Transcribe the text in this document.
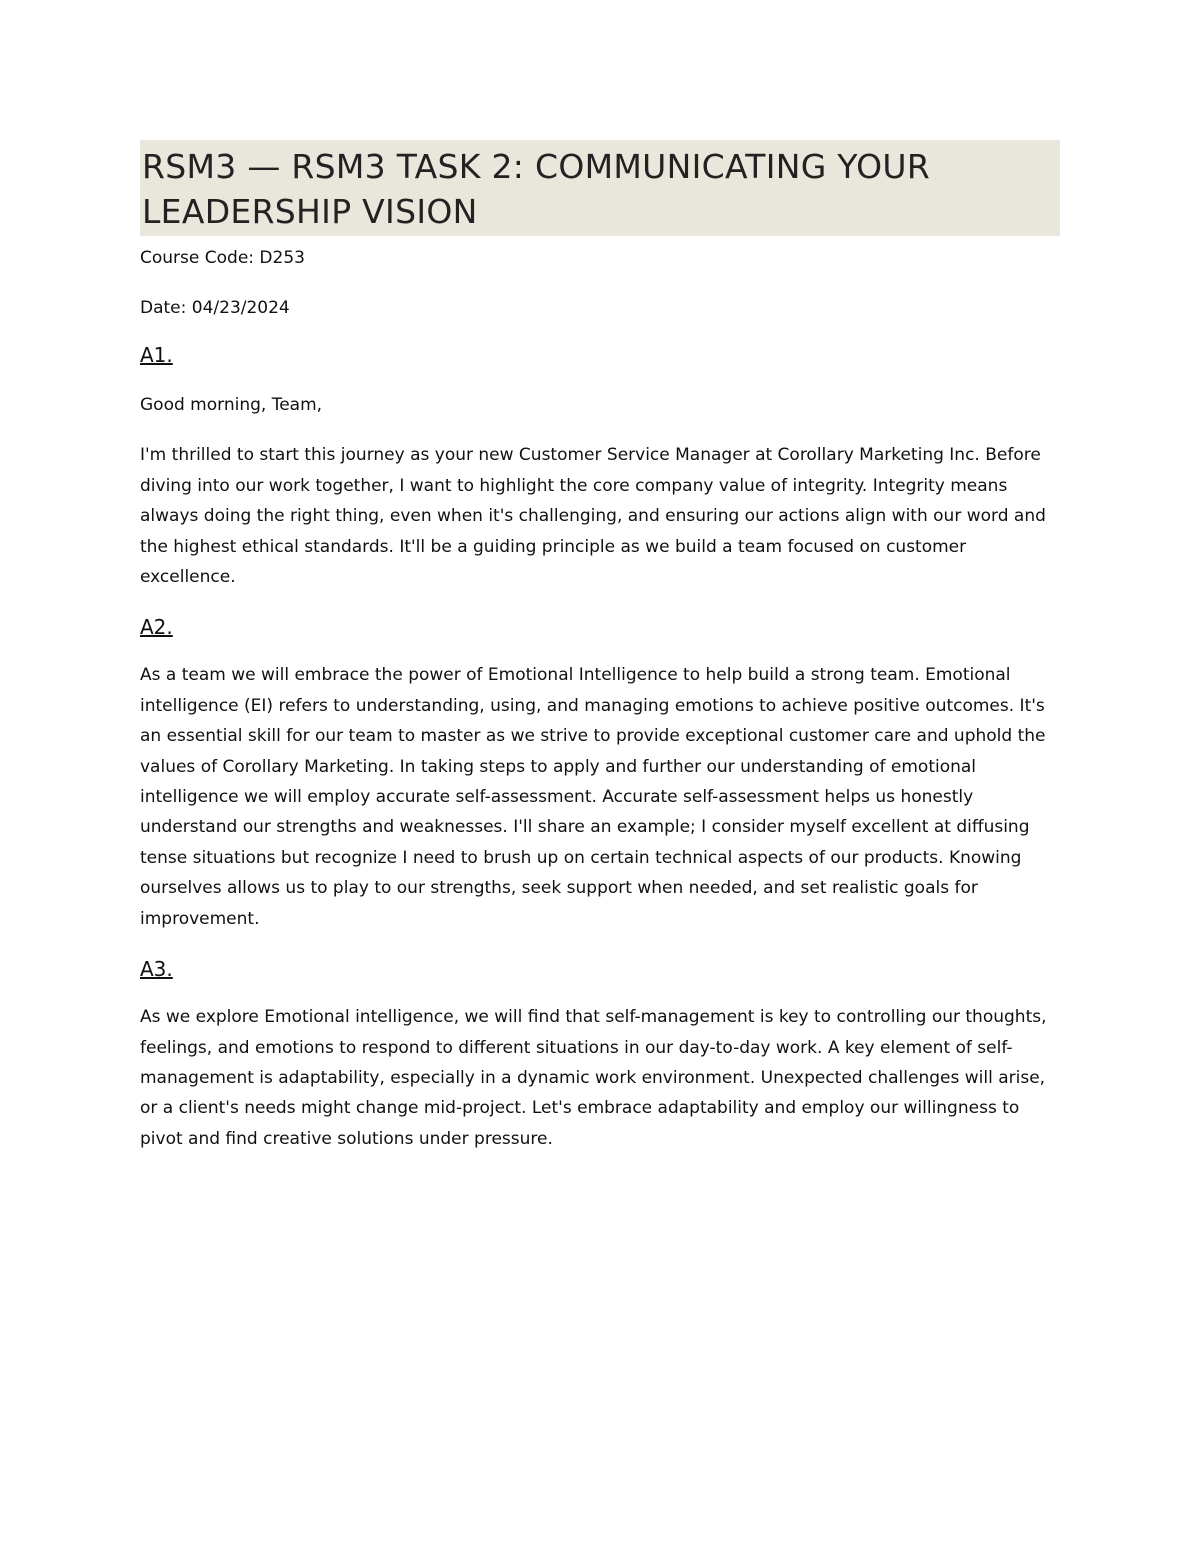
RSM3 — RSM3 TASK 2: COMMUNICATING YOUR LEADERSHIP VISION

Course Code: D253

Date: 04/23/2024

A1.

Good morning, Team,

I'm thrilled to start this journey as your new Customer Service Manager at Corollary Marketing Inc. Before diving into our work together, I want to highlight the core company value of integrity. Integrity means always doing the right thing, even when it's challenging, and ensuring our actions align with our word and the highest ethical standards. It'll be a guiding principle as we build a team focused on customer excellence.

A2.

As a team we will embrace the power of Emotional Intelligence to help build a strong team. Emotional intelligence (EI) refers to understanding, using, and managing emotions to achieve positive outcomes. It's an essential skill for our team to master as we strive to provide exceptional customer care and uphold the values of Corollary Marketing. In taking steps to apply and further our understanding of emotional intelligence we will employ accurate self-assessment. Accurate self-assessment helps us honestly understand our strengths and weaknesses. I'll share an example; I consider myself excellent at diffusing tense situations but recognize I need to brush up on certain technical aspects of our products. Knowing ourselves allows us to play to our strengths, seek support when needed, and set realistic goals for improvement.

A3.

As we explore Emotional intelligence, we will find that self-management is key to controlling our thoughts, feelings, and emotions to respond to different situations in our day-to-day work. A key element of self-management is adaptability, especially in a dynamic work environment. Unexpected challenges will arise, or a client's needs might change mid-project. Let's embrace adaptability and employ our willingness to pivot and find creative solutions under pressure.
